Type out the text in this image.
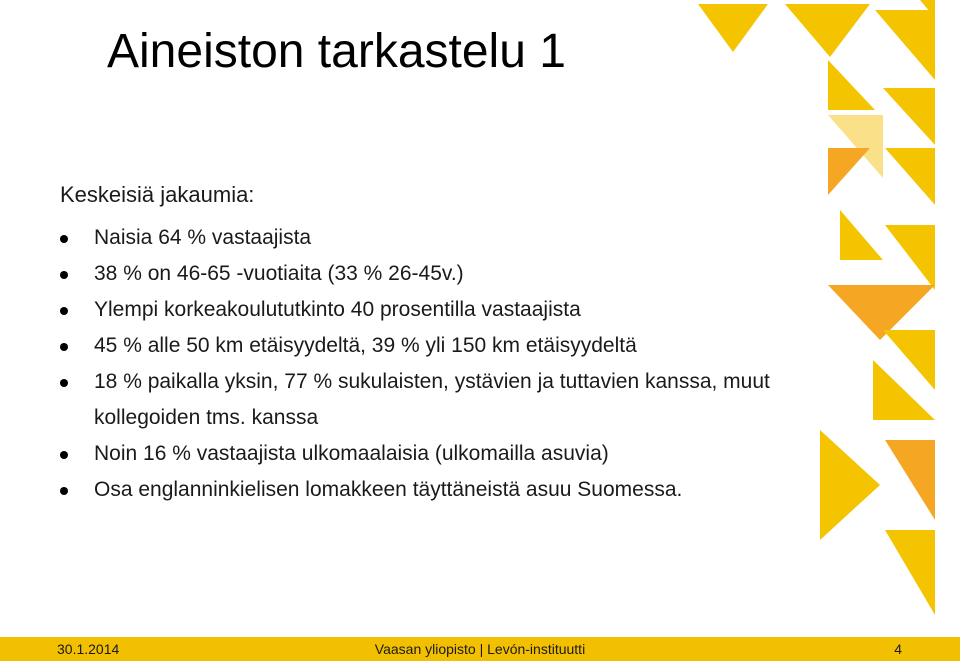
Aineiston tarkastelu 1
Keskeisiä jakaumia:
Naisia 64 % vastaajista
38 % on 46-65 -vuotiaita (33 % 26-45v.)
Ylempi korkeakoulututkinto 40 prosentilla vastaajista
45 % alle 50 km etäisyydeltä, 39 % yli 150 km etäisyydeltä
18 % paikalla yksin, 77 % sukulaisten, ystävien ja tuttavien kanssa, muut kollegoiden tms. kanssa
Noin 16 % vastaajista ulkomaalaisia (ulkomailla asuvia)
Osa englanninkielisen lomakkeen täyttäneistä asuu Suomessa.
30.1.2014	Vaasan yliopisto | Levón-instituutti	4
